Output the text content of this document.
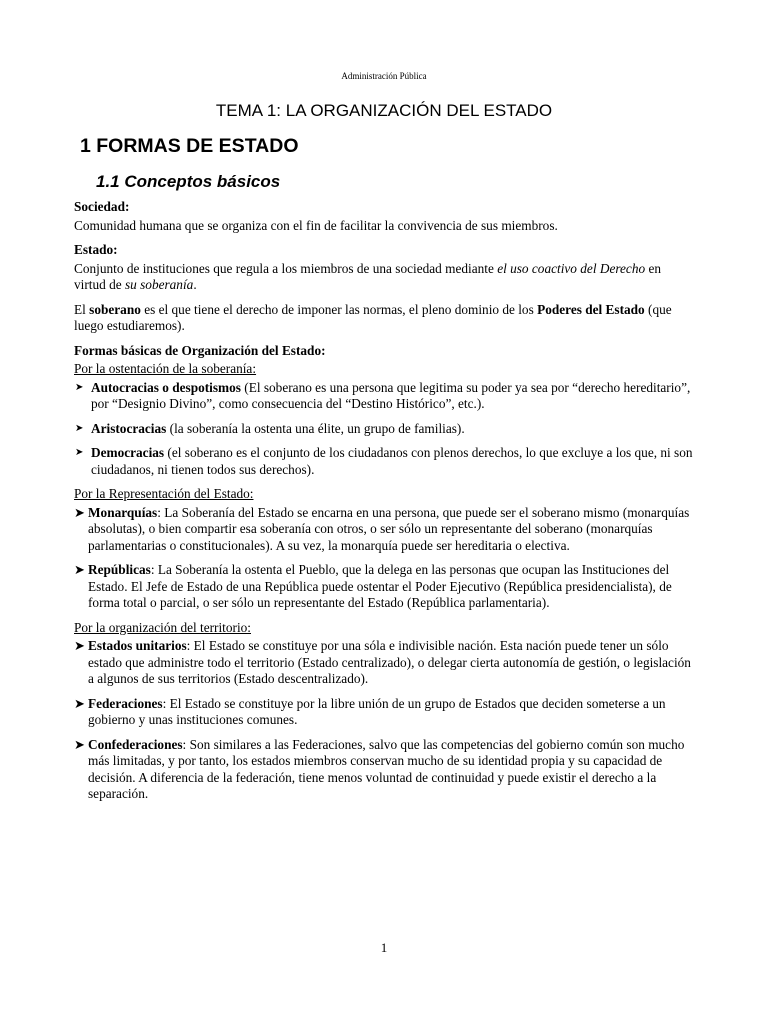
Administración Pública
TEMA 1: LA ORGANIZACIÓN DEL ESTADO
1 FORMAS DE ESTADO
1.1 Conceptos básicos

Sociedad:

Comunidad humana que se organiza con el fin de facilitar la convivencia de sus miembros.

Estado:

Conjunto de instituciones que regula a los miembros de una sociedad mediante el uso coactivo del Derecho en virtud de su soberanía.

El soberano es el que tiene el derecho de imponer las normas, el pleno dominio de los Poderes del Estado (que luego estudiaremos).

Formas básicas de Organización del Estado:

Por la ostentación de la soberanía:

➤ Autocracias o despotismos (El soberano es una persona que legitima su poder ya sea por “derecho hereditario”, por “Designio Divino”, como consecuencia del “Destino Histórico”, etc.).
➤ Aristocracias (la soberanía la ostenta una élite, un grupo de familias).
➤ Democracias (el soberano es el conjunto de los ciudadanos con plenos derechos, lo que excluye a los que, ni son ciudadanos, ni tienen todos sus derechos).

Por la Representación del Estado:

➤ Monarquías: La Soberanía del Estado se encarna en una persona, que puede ser el soberano mismo (monarquías absolutas), o bien compartir esa soberanía con otros, o ser sólo un representante del soberano (monarquías parlamentarias o constitucionales). A su vez, la monarquía puede ser hereditaria o electiva.
➤ Repúblicas: La Soberanía la ostenta el Pueblo, que la delega en las personas que ocupan las Instituciones del Estado. El Jefe de Estado de una República puede ostentar el Poder Ejecutivo (República presidencialista), de forma total o parcial, o ser sólo un representante del Estado (República parlamentaria).

Por la organización del territorio:

➤ Estados unitarios: El Estado se constituye por una sóla e indivisible nación. Esta nación puede tener un sólo estado que administre todo el territorio (Estado centralizado), o delegar cierta autonomía de gestión, o legislación a algunos de sus territorios (Estado descentralizado).
➤ Federaciones: El Estado se constituye por la libre unión de un grupo de Estados que deciden someterse a un gobierno y unas instituciones comunes.
➤ Confederaciones: Son similares a las Federaciones, salvo que las competencias del gobierno común son mucho más limitadas, y por tanto, los estados miembros conservan mucho de su identidad propia y su capacidad de decisión. A diferencia de la federación, tiene menos voluntad de continuidad y puede existir el derecho a la separación.
1
